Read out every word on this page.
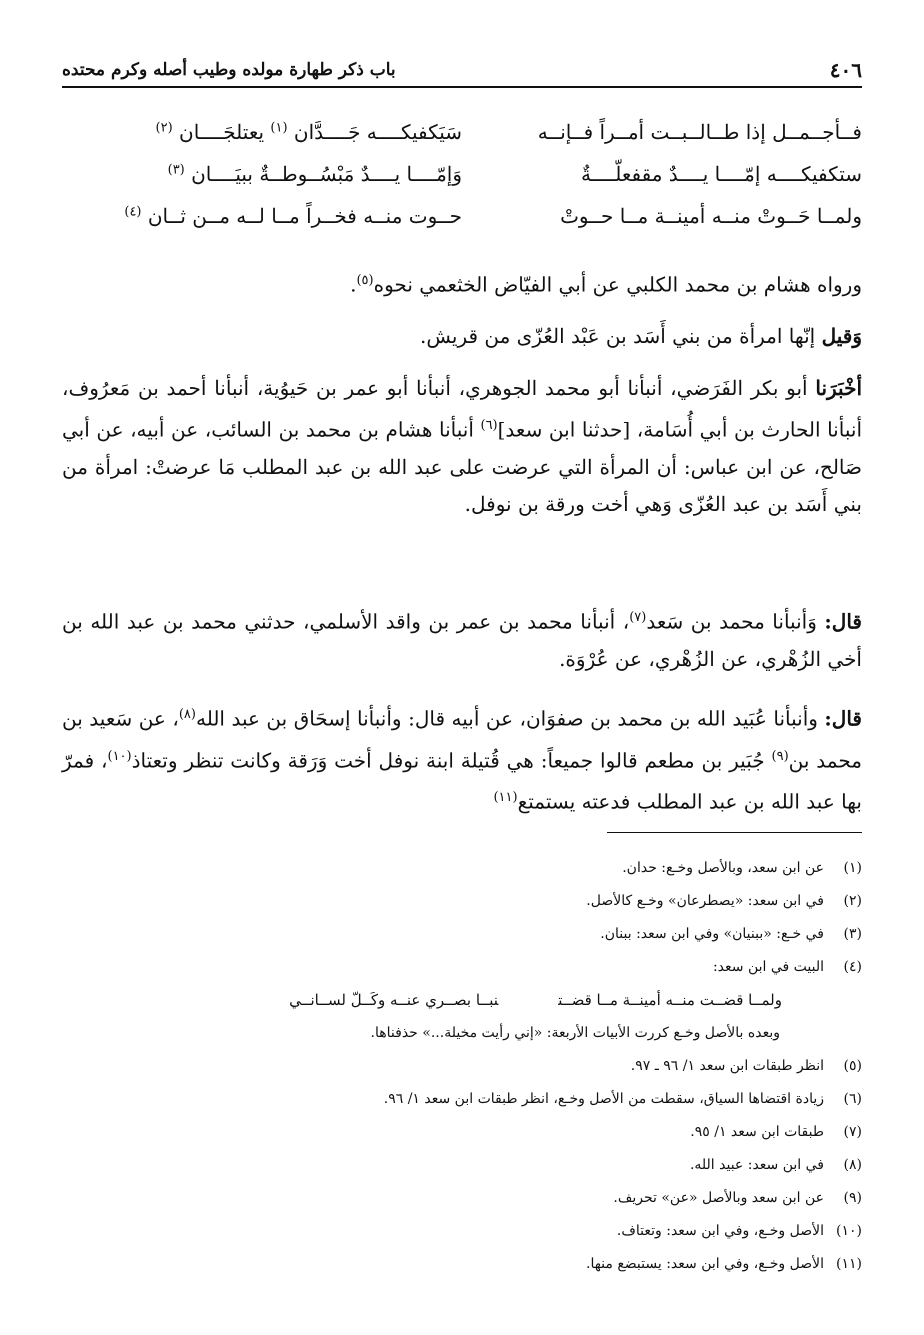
٤٠٦
باب ذكر طهارة مولده وطيب أصله وكرم محتده
فــأجــمــل إذا طــالــبــت أمــراً فــإنــه
سَيَكفيكــــه جَــــدَّان $^{(١)}$ يعتلجَــــان $^{(٢)}$
ستكفيكــــه إمّــــا يــــدٌ مقفعلّــــةٌ
وَإمّــــا يــــدٌ مَبْسُــوطــةٌ ببيَــــان $^{(٣)}$
ولمــا حَــوتْ منــه أمينــة مــا حــوتْ
حــوت منــه فخــراً مــا لــه مــن ثــان $^{(٤)}$
ورواه هشام بن محمد الكلبي عن أبي الفيّاض الخثعمي نحوه$^{(٥)}$.
وَقيل إنّها امرأة من بني أَسَد بن عَبْد العُزّى من قريش.
أخْبَرَنا أبو بكر الفَرَضي، أنبأنا أبو محمد الجوهري، أنبأنا أبو عمر بن حَيوُية، أنبأنا أحمد بن مَعرُوف، أنبأنا الحارث بن أبي أُسَامة، [حدثنا ابن سعد]$^{(٦)}$ أنبأنا هشام بن محمد بن السائب، عن أبيه، عن أبي صَالح، عن ابن عباس: أن المرأة التي عرضت على عبد الله بن عبد المطلب مَا عرضتْ: امرأة من بني أَسَد بن عبد العُزّى وَهي أخت ورقة بن نوفل.
قال: وَأنبأنا محمد بن سَعد$^{(٧)}$، أنبأنا محمد بن عمر بن واقد الأسلمي، حدثني محمد بن عبد الله بن أخي الزُهْري، عن الزُهْري، عن عُرْوَة.
قال: وأنبأنا عُبَيد الله بن محمد بن صفوَان، عن أبيه قال: وأنبأنا إسحَاق بن عبد الله$^{(٨)}$، عن سَعيد بن محمد بن$^{(٩)}$ جُبَير بن مطعم قالوا جميعاً: هي قُتيلة ابنة نوفل أخت وَرَقة وكانت تنظر وتعتاذ$^{(١٠)}$، فمرّ بها عبد الله بن عبد المطلب فدعته يستمتع$^{(١١)}$
(١)عن ابن سعد، وبالأصل وخـع: حدان.
(٢)في ابن سعد: «يصطرعان» وخـع كالأصل.
(٣)في خـع: «ببنيان» وفي ابن سعد: ببنان.
(٤)البيت في ابن سعد:
ولمــا قضــت منــه أمينــة مــا قضــتنبــا بصــري عنــه وكَــلّ لســانــي
وبعده بالأصل وخـع كررت الأبيات الأربعة: «إني رأيت مخيلة...» حذفناها.
(٥)انظر طبقات ابن سعد ١/ ٩٦ ـ ٩٧.
(٦)زيادة اقتضاها السياق، سقطت من الأصل وخـع، انظر طبقات ابن سعد ١/ ٩٦.
(٧)طبقات ابن سعد ١/ ٩٥.
(٨)في ابن سعد: عبيد الله.
(٩)عن ابن سعد وبالأصل «عن» تحريف.
(١٠)الأصل وخـع، وفي ابن سعد: وتعتاف.
(١١)الأصل وخـع، وفي ابن سعد: يستبضع منها.
